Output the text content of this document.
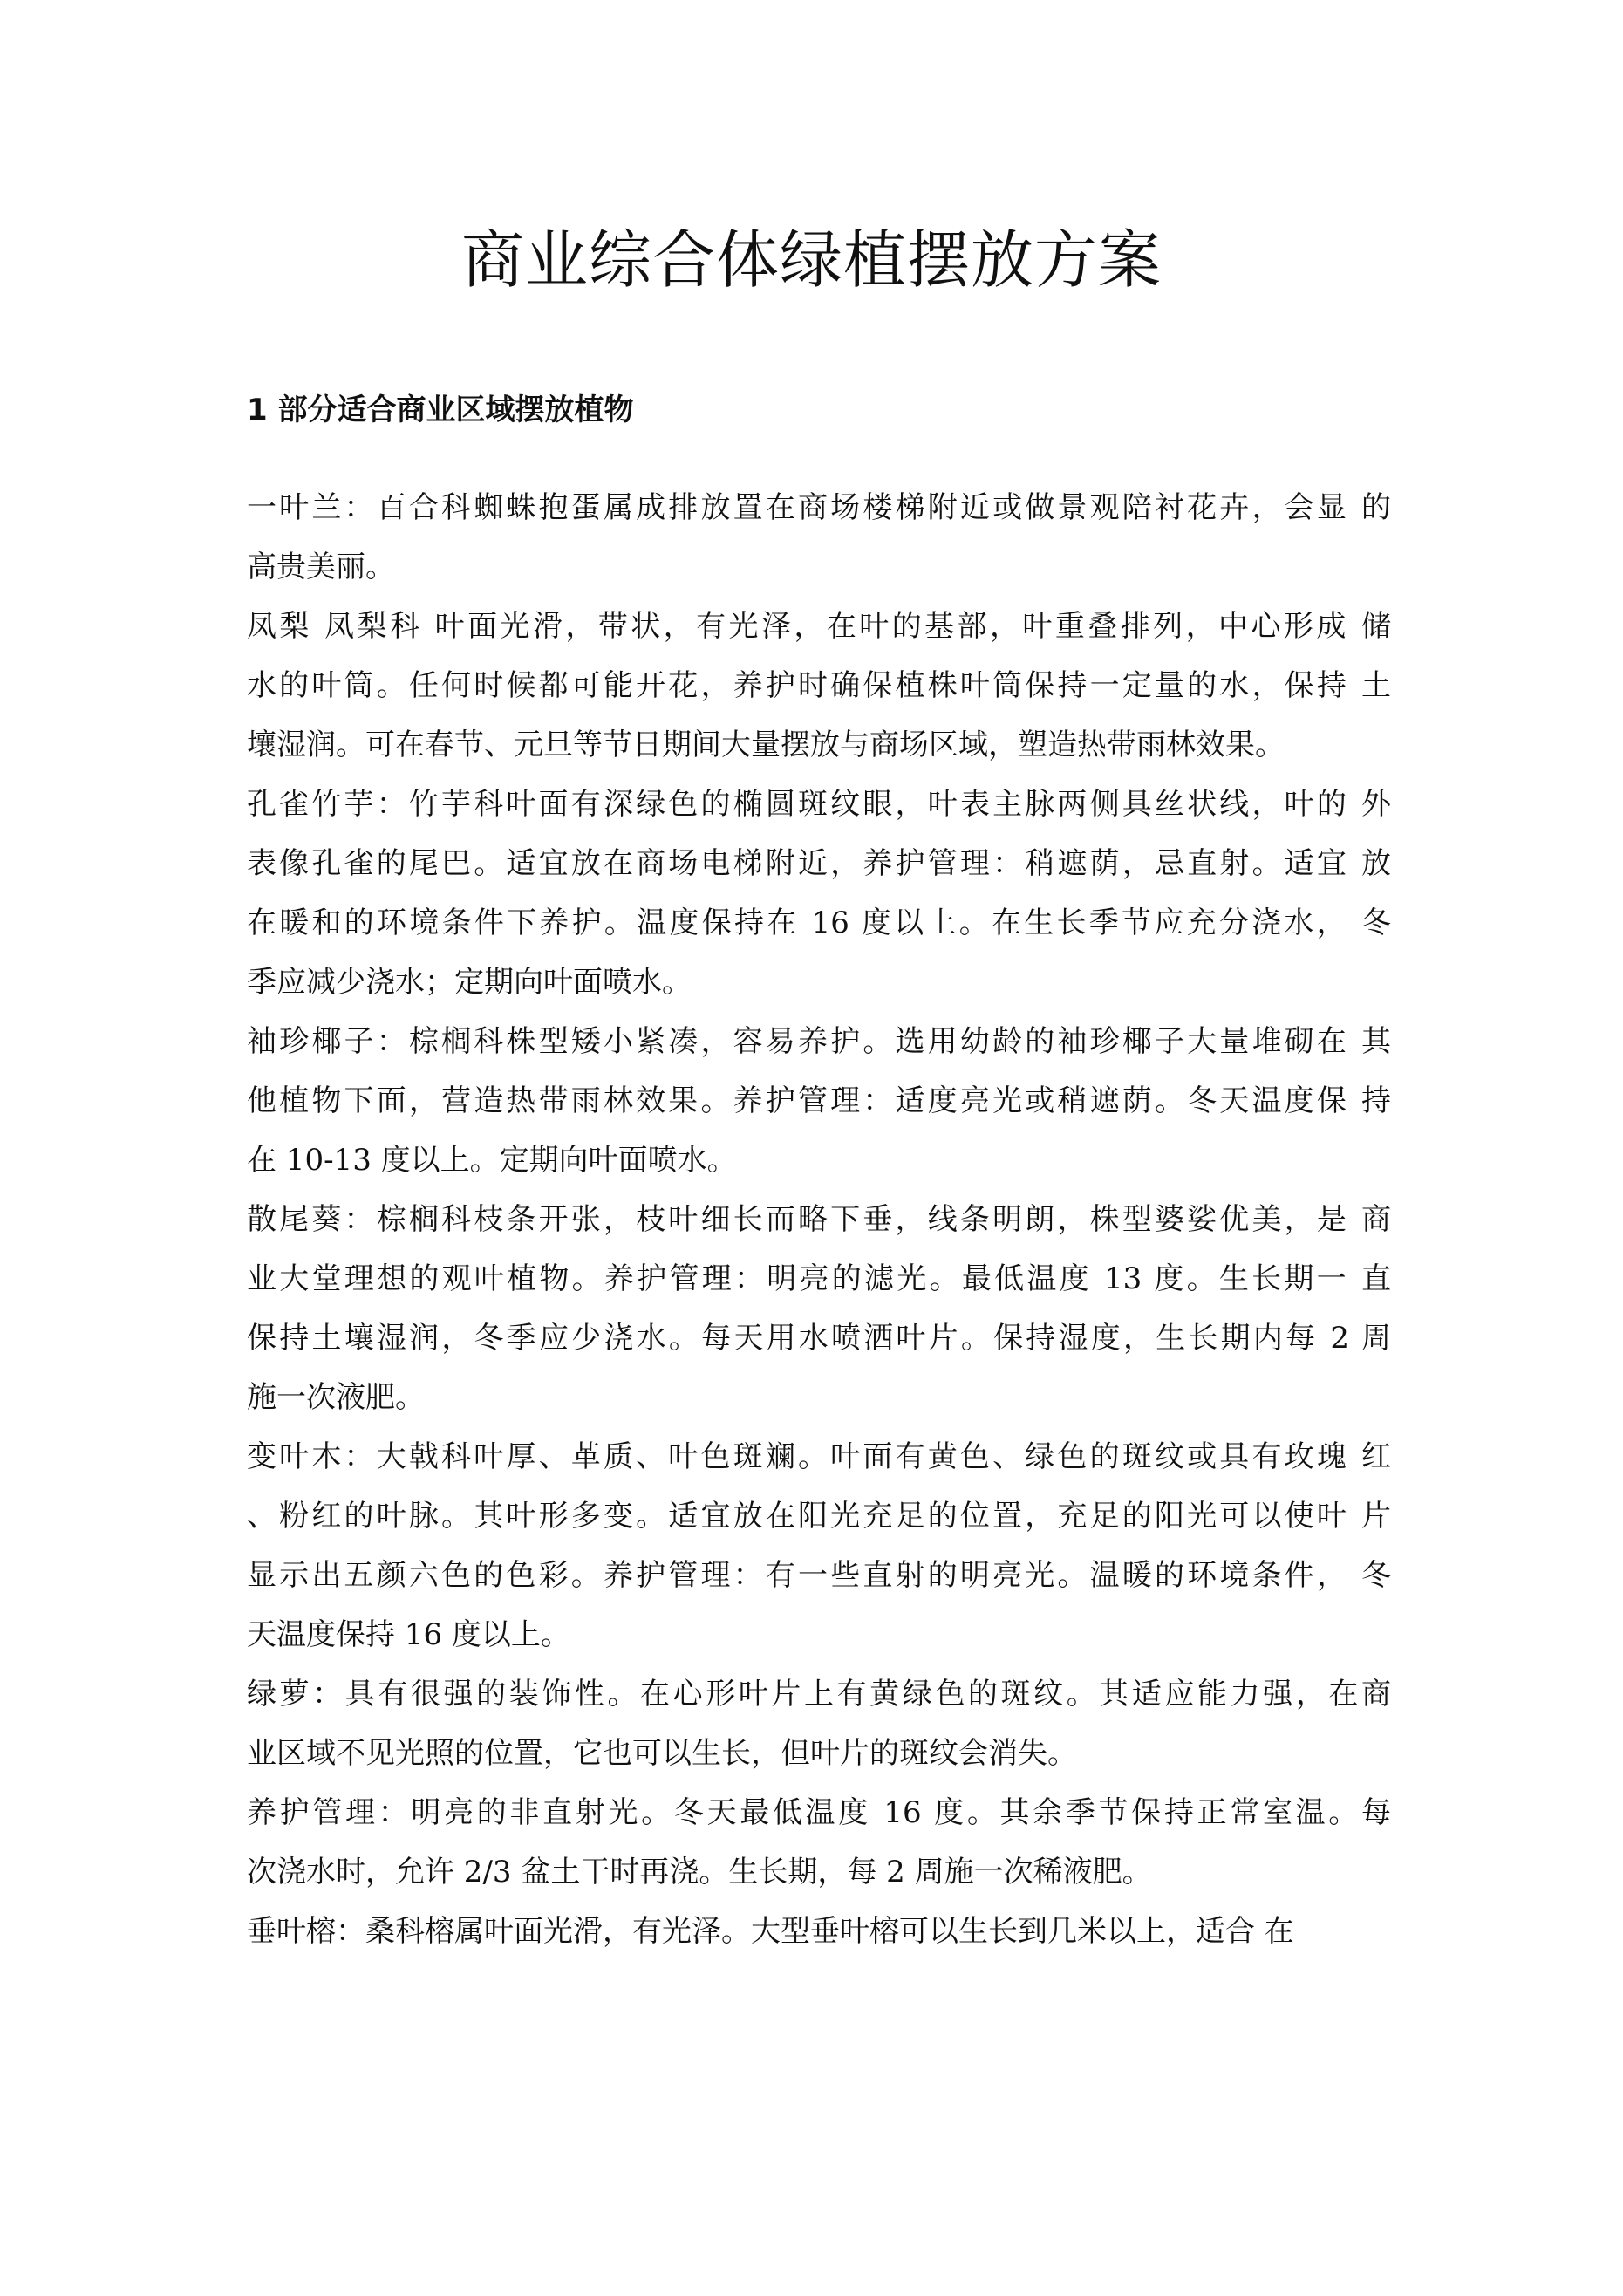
商业综合体绿植摆放方案
1 部分适合商业区域摆放植物
一叶兰：百合科蜘蛛抱蛋属成排放置在商场楼梯附近或做景观陪衬花卉，会显 的
高贵美丽。
凤梨 凤梨科 叶面光滑，带状，有光泽，在叶的基部，叶重叠排列，中心形成 储
水的叶筒。任何时候都可能开花，养护时确保植株叶筒保持一定量的水，保持 土
壤湿润。可在春节、元旦等节日期间大量摆放与商场区域，塑造热带雨林效果。
孔雀竹芋：竹芋科叶面有深绿色的椭圆斑纹眼，叶表主脉两侧具丝状线，叶的 外
表像孔雀的尾巴。适宜放在商场电梯附近，养护管理：稍遮荫，忌直射。适宜 放
在暖和的环境条件下养护。温度保持在 16 度以上。在生长季节应充分浇水， 冬
季应减少浇水；定期向叶面喷水。
袖珍椰子：棕榈科株型矮小紧凑，容易养护。选用幼龄的袖珍椰子大量堆砌在 其
他植物下面，营造热带雨林效果。养护管理：适度亮光或稍遮荫。冬天温度保 持
在 10-13 度以上。定期向叶面喷水。
散尾葵：棕榈科枝条开张，枝叶细长而略下垂，线条明朗，株型婆娑优美，是 商
业大堂理想的观叶植物。养护管理：明亮的滤光。最低温度 13 度。生长期一 直
保持土壤湿润，冬季应少浇水。每天用水喷洒叶片。保持湿度，生长期内每 2 周
施一次液肥。
变叶木：大戟科叶厚、革质、叶色斑斓。叶面有黄色、绿色的斑纹或具有玫瑰 红
、粉红的叶脉。其叶形多变。适宜放在阳光充足的位置，充足的阳光可以使叶 片
显示出五颜六色的色彩。养护管理：有一些直射的明亮光。温暖的环境条件， 冬
天温度保持 16 度以上。
绿萝：具有很强的装饰性。在心形叶片上有黄绿色的斑纹。其适应能力强，在商
业区域不见光照的位置，它也可以生长，但叶片的斑纹会消失。
养护管理：明亮的非直射光。冬天最低温度 16 度。其余季节保持正常室温。每
次浇水时，允许 2/3 盆土干时再浇。生长期，每 2 周施一次稀液肥。
垂叶榕：桑科榕属叶面光滑，有光泽。大型垂叶榕可以生长到几米以上，适合 在
